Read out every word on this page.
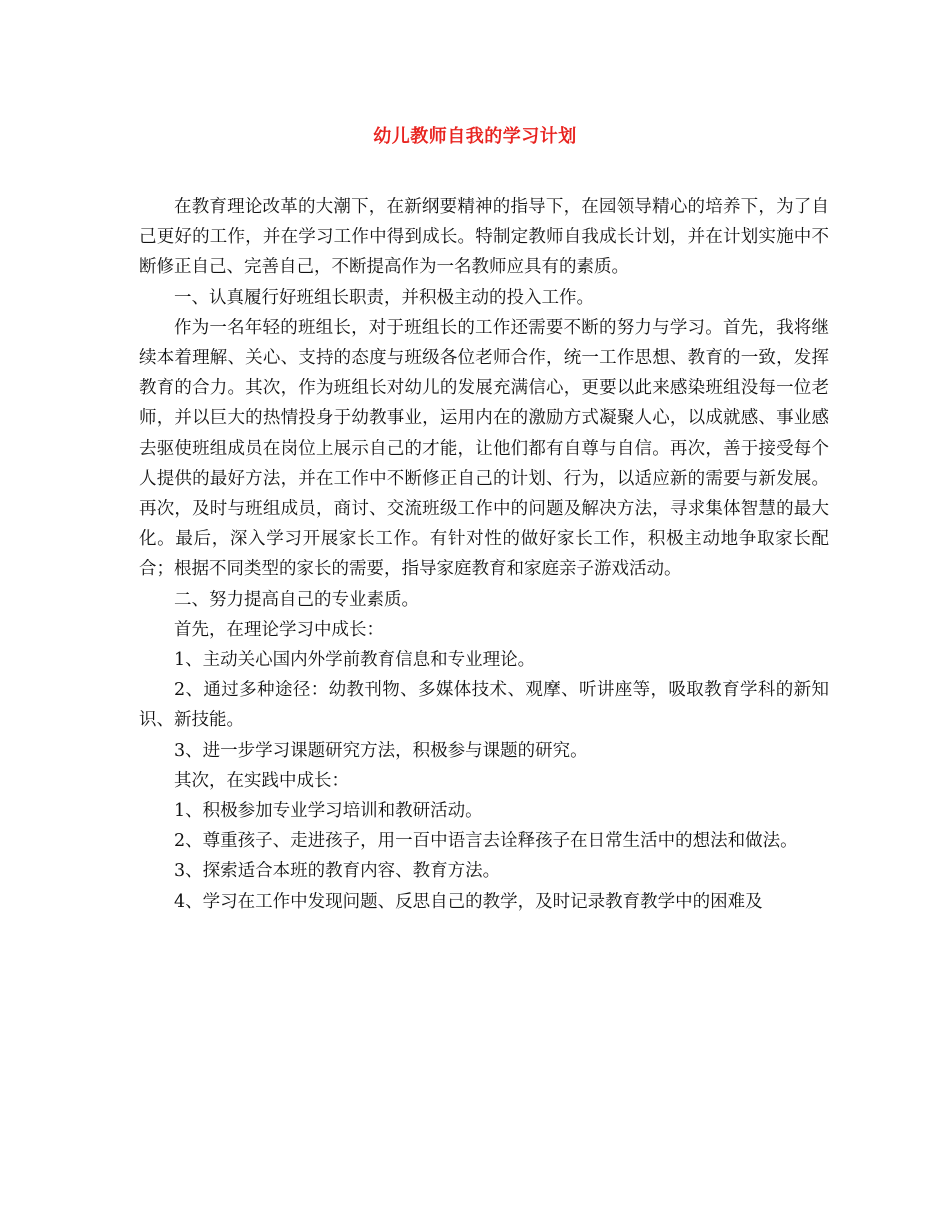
幼儿教师自我的学习计划

在教育理论改革的大潮下，在新纲要精神的指导下，在园领导精心的培养下，为了自己更好的工作，并在学习工作中得到成长。特制定教师自我成长计划，并在计划实施中不断修正自己、完善自己，不断提高作为一名教师应具有的素质。

一、认真履行好班组长职责，并积极主动的投入工作。

作为一名年轻的班组长，对于班组长的工作还需要不断的努力与学习。首先，我将继续本着理解、关心、支持的态度与班级各位老师合作，统一工作思想、教育的一致，发挥教育的合力。其次，作为班组长对幼儿的发展充满信心，更要以此来感染班组没每一位老师，并以巨大的热情投身于幼教事业，运用内在的激励方式凝聚人心，以成就感、事业感去驱使班组成员在岗位上展示自己的才能，让他们都有自尊与自信。再次，善于接受每个人提供的最好方法，并在工作中不断修正自己的计划、行为，以适应新的需要与新发展。再次，及时与班组成员，商讨、交流班级工作中的问题及解决方法，寻求集体智慧的最大化。最后，深入学习开展家长工作。有针对性的做好家长工作，积极主动地争取家长配合；根据不同类型的家长的需要，指导家庭教育和家庭亲子游戏活动。

二、努力提高自己的专业素质。

首先，在理论学习中成长：

1、主动关心国内外学前教育信息和专业理论。

2、通过多种途径：幼教刊物、多媒体技术、观摩、听讲座等，吸取教育学科的新知识、新技能。

3、进一步学习课题研究方法，积极参与课题的研究。

其次，在实践中成长：

1、积极参加专业学习培训和教研活动。

2、尊重孩子、走进孩子，用一百中语言去诠释孩子在日常生活中的想法和做法。

3、探索适合本班的教育内容、教育方法。

4、学习在工作中发现问题、反思自己的教学，及时记录教育教学中的困难及
